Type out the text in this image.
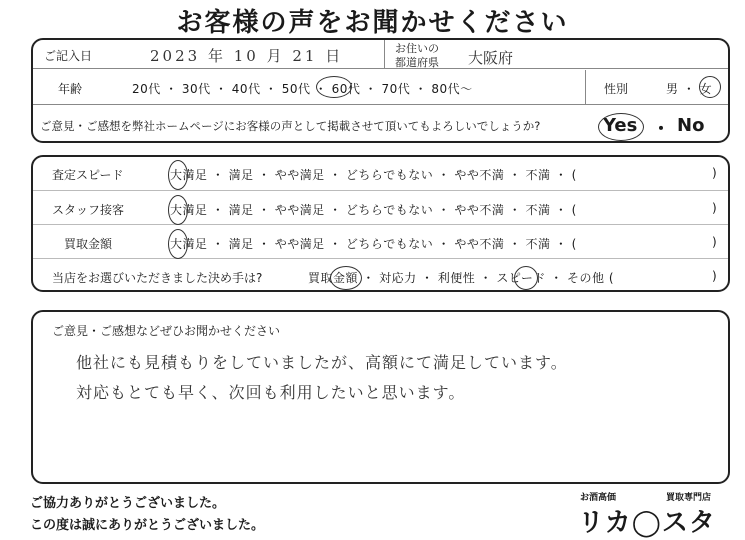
お客様の声をお聞かせください
ご記入日	2023 年 10 月 21 日	お住いの
都道府県 大阪府
年齢	20代 ・ 30代 ・ 40代 ・ 50代 ・ 60代 ・ 70代 ・ 80代〜	性別	男 ・ 女
ご意見・ご感想を弊社ホームページにお客様の声として掲載させて頂いてもよろしいでしょうか?	Yes ・ No
査定スピード	大満足 ・ 満足 ・ やや満足 ・ どちらでもない ・ やや不満 ・ 不満 ・ (	)
スタッフ接客	大満足 ・ 満足 ・ やや満足 ・ どちらでもない ・ やや不満 ・ 不満 ・ (	)
買取金額	大満足 ・ 満足 ・ やや満足 ・ どちらでもない ・ やや不満 ・ 不満 ・ (	)
当店をお選びいただきました決め手は?	買取金額 ・ 対応力 ・ 利便性 ・ スピード ・ その他 (	)
ご意見・ご感想などぜひお聞かせください
他社にも見積もりをしていましたが、高額にて満足しています。
対応もとても早く、次回も利用したいと思います。
ご協力ありがとうございました。
この度は誠にありがとうございました。
お酒高価	買取専門店
リカ◯スタ
